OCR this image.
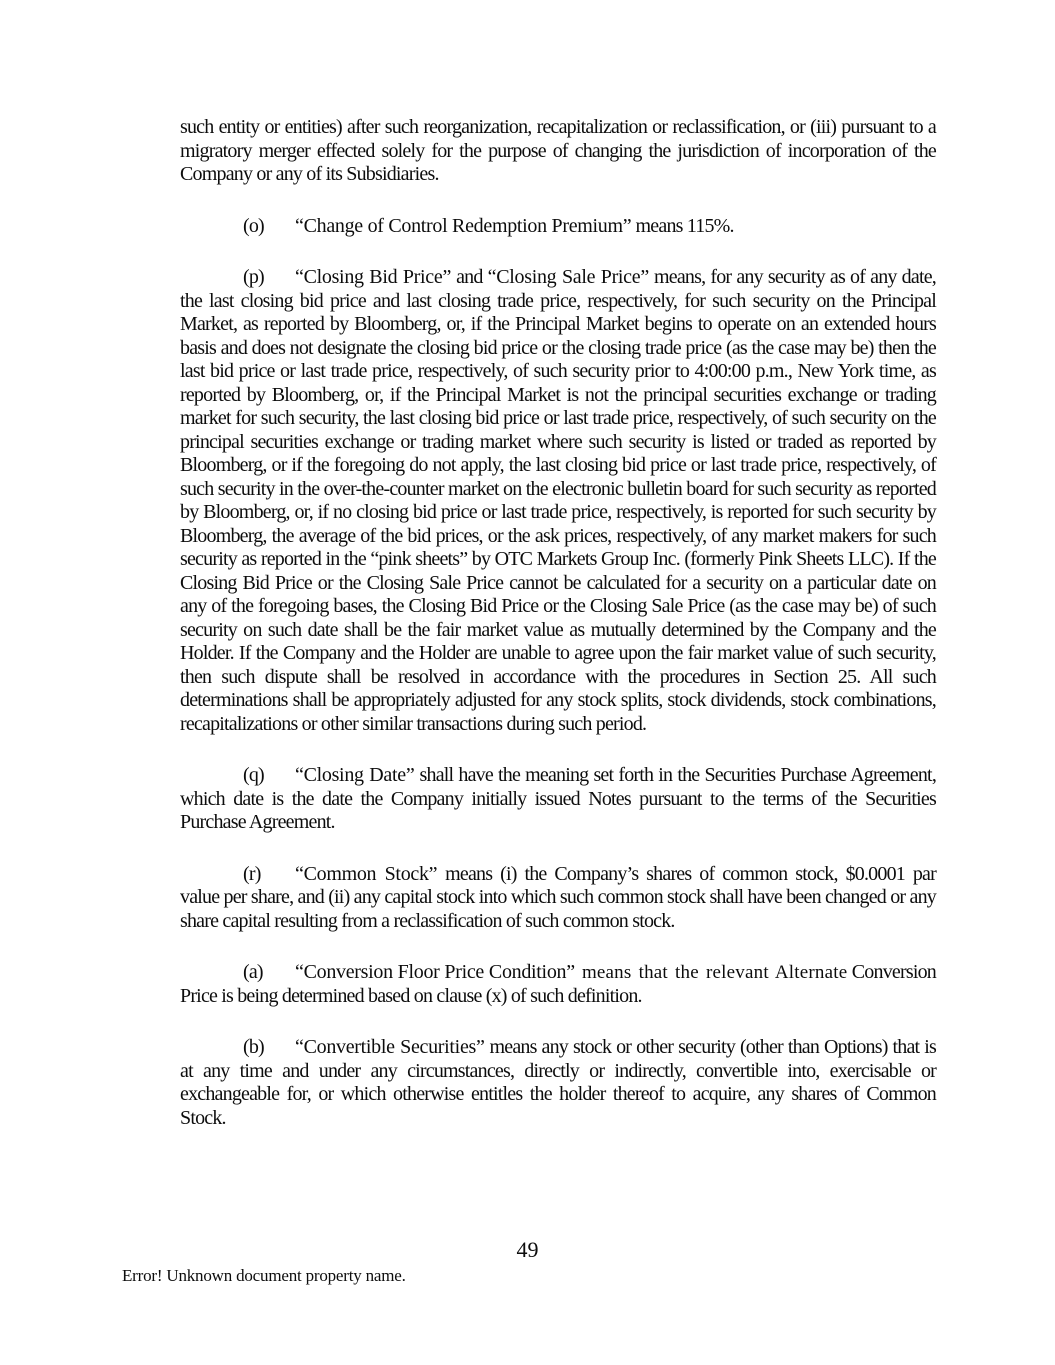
such entity or entities) after such reorganization, recapitalization or reclassification, or (iii) pursuant to a migratory merger effected solely for the purpose of changing the jurisdiction of incorporation of the Company or any of its Subsidiaries.

(o) “Change of Control Redemption Premium” means 115%.

(p) “Closing Bid Price” and “Closing Sale Price” means, for any security as of any date, the last closing bid price and last closing trade price, respectively, for such security on the Principal Market, as reported by Bloomberg, or, if the Principal Market begins to operate on an extended hours basis and does not designate the closing bid price or the closing trade price (as the case may be) then the last bid price or last trade price, respectively, of such security prior to 4:00:00 p.m., New York time, as reported by Bloomberg, or, if the Principal Market is not the principal securities exchange or trading market for such security, the last closing bid price or last trade price, respectively, of such security on the principal securities exchange or trading market where such security is listed or traded as reported by Bloomberg, or if the foregoing do not apply, the last closing bid price or last trade price, respectively, of such security in the over-the-counter market on the electronic bulletin board for such security as reported by Bloomberg, or, if no closing bid price or last trade price, respectively, is reported for such security by Bloomberg, the average of the bid prices, or the ask prices, respectively, of any market makers for such security as reported in the “pink sheets” by OTC Markets Group Inc. (formerly Pink Sheets LLC). If the Closing Bid Price or the Closing Sale Price cannot be calculated for a security on a particular date on any of the foregoing bases, the Closing Bid Price or the Closing Sale Price (as the case may be) of such security on such date shall be the fair market value as mutually determined by the Company and the Holder. If the Company and the Holder are unable to agree upon the fair market value of such security, then such dispute shall be resolved in accordance with the procedures in Section 25. All such determinations shall be appropriately adjusted for any stock splits, stock dividends, stock combinations, recapitalizations or other similar transactions during such period.

(q) “Closing Date” shall have the meaning set forth in the Securities Purchase Agreement, which date is the date the Company initially issued Notes pursuant to the terms of the Securities Purchase Agreement.

(r) “Common Stock” means (i) the Company’s shares of common stock, $0.0001 par value per share, and (ii) any capital stock into which such common stock shall have been changed or any share capital resulting from a reclassification of such common stock.

(a) “Conversion Floor Price Condition” means that the relevant Alternate Conversion Price is being determined based on clause (x) of such definition.

(b) “Convertible Securities” means any stock or other security (other than Options) that is at any time and under any circumstances, directly or indirectly, convertible into, exercisable or exchangeable for, or which otherwise entitles the holder thereof to acquire, any shares of Common Stock.

49
Error! Unknown document property name.
